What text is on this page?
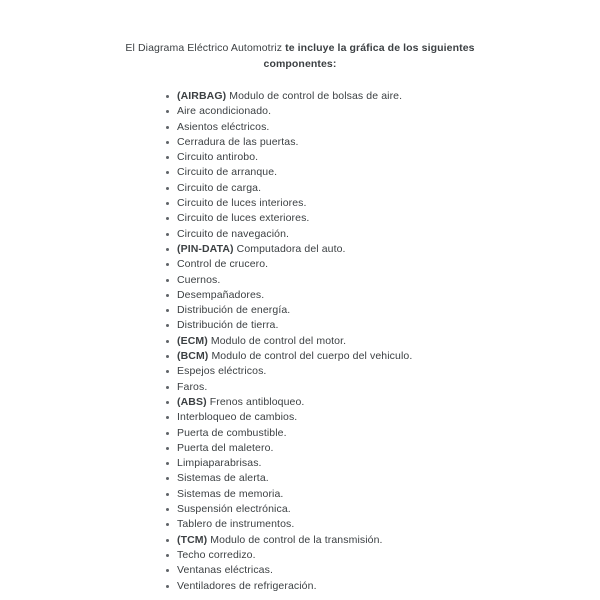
El Diagrama Eléctrico Automotriz te incluye la gráfica de los siguientes
componentes:
(AIRBAG) Modulo de control de bolsas de aire.
Aire acondicionado.
Asientos eléctricos.
Cerradura de las puertas.
Circuito antirobo.
Circuito de arranque.
Circuito de carga.
Circuito de luces interiores.
Circuito de luces exteriores.
Circuito de navegación.
(PIN-DATA) Computadora del auto.
Control de crucero.
Cuernos.
Desempañadores.
Distribución de energía.
Distribución de tierra.
(ECM) Modulo de control del motor.
(BCM) Modulo de control del cuerpo del vehiculo.
Espejos eléctricos.
Faros.
(ABS) Frenos antibloqueo.
Interbloqueo de cambios.
Puerta de combustible.
Puerta del maletero.
Limpiaparabrisas.
Sistemas de alerta.
Sistemas de memoria.
Suspensión electrónica.
Tablero de instrumentos.
(TCM) Modulo de control de la transmisión.
Techo corredizo.
Ventanas eléctricas.
Ventiladores de refrigeración.
